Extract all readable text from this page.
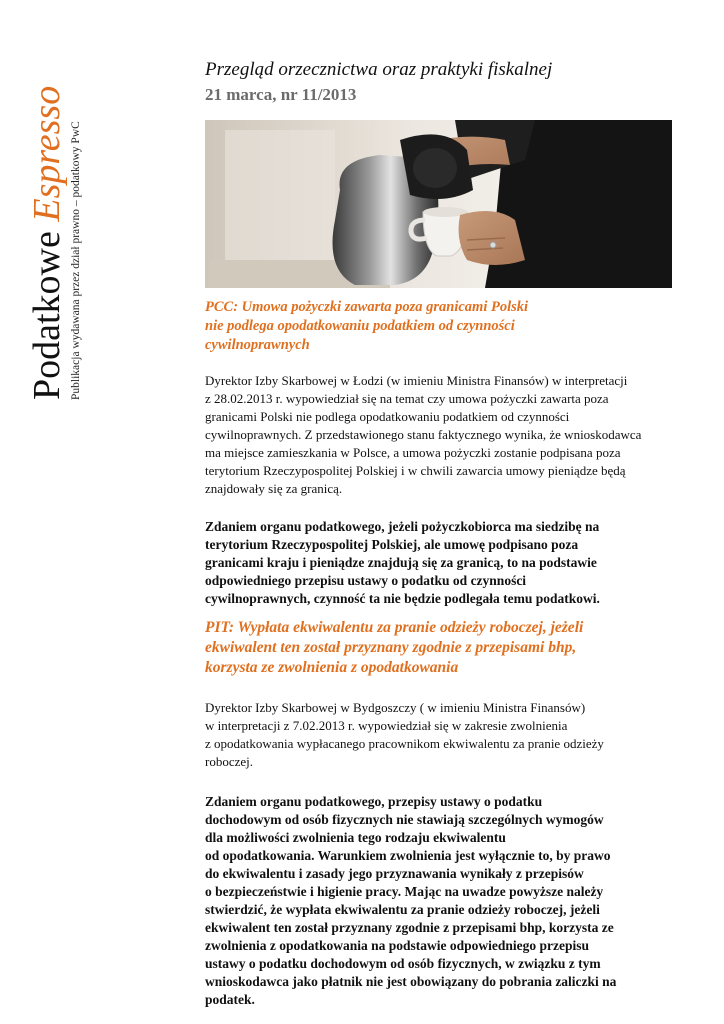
Podatkowe Espresso Publikacja wydawana przez dział prawno – podatkowy PwC

Przegląd orzecznictwa oraz praktyki fiskalnej

21 marca, nr 11/2013

PCC: Umowa pożyczki zawarta poza granicami Polski
nie podlega opodatkowaniu podatkiem od czynności
cywilnoprawnych
Dyrektor Izby Skarbowej w Łodzi (w imieniu Ministra Finansów) w interpretacji
z 28.02.2013 r. wypowiedział się na temat czy umowa pożyczki zawarta poza
granicami Polski nie podlega opodatkowaniu podatkiem od czynności
cywilnoprawnych. Z przedstawionego stanu faktycznego wynika, że wnioskodawca
ma miejsce zamieszkania w Polsce, a umowa pożyczki zostanie podpisana poza
terytorium Rzeczypospolitej Polskiej i w chwili zawarcia umowy pieniądze będą
znajdowały się za granicą.
Zdaniem organu podatkowego, jeżeli pożyczkobiorca ma siedzibę na
terytorium Rzeczypospolitej Polskiej, ale umowę podpisano poza
granicami kraju i pieniądze znajdują się za granicą, to na podstawie
odpowiedniego przepisu ustawy o podatku od czynności
cywilnoprawnych, czynność ta nie będzie podlegała temu podatkowi.
PIT: Wypłata ekwiwalentu za pranie odzieży roboczej, jeżeli
ekwiwalent ten został przyznany zgodnie z przepisami bhp,
korzysta ze zwolnienia z opodatkowania
Dyrektor Izby Skarbowej w Bydgoszczy ( w imieniu Ministra Finansów)
w interpretacji z 7.02.2013 r. wypowiedział się w zakresie zwolnienia
z opodatkowania wypłacanego pracownikom ekwiwalentu za pranie odzieży
roboczej.
Zdaniem organu podatkowego, przepisy ustawy o podatku
dochodowym od osób fizycznych nie stawiają szczególnych wymogów
dla możliwości zwolnienia tego rodzaju ekwiwalentu
od opodatkowania. Warunkiem zwolnienia jest wyłącznie to, by prawo
do ekwiwalentu i zasady jego przyznawania wynikały z przepisów
o bezpieczeństwie i higienie pracy. Mając na uwadze powyższe należy
stwierdzić, że wypłata ekwiwalentu za pranie odzieży roboczej, jeżeli
ekwiwalent ten został przyznany zgodnie z przepisami bhp, korzysta ze
zwolnienia z opodatkowania na podstawie odpowiedniego przepisu
ustawy o podatku dochodowym od osób fizycznych, w związku z tym
wnioskodawca jako płatnik nie jest obowiązany do pobrania zaliczki na
podatek.
